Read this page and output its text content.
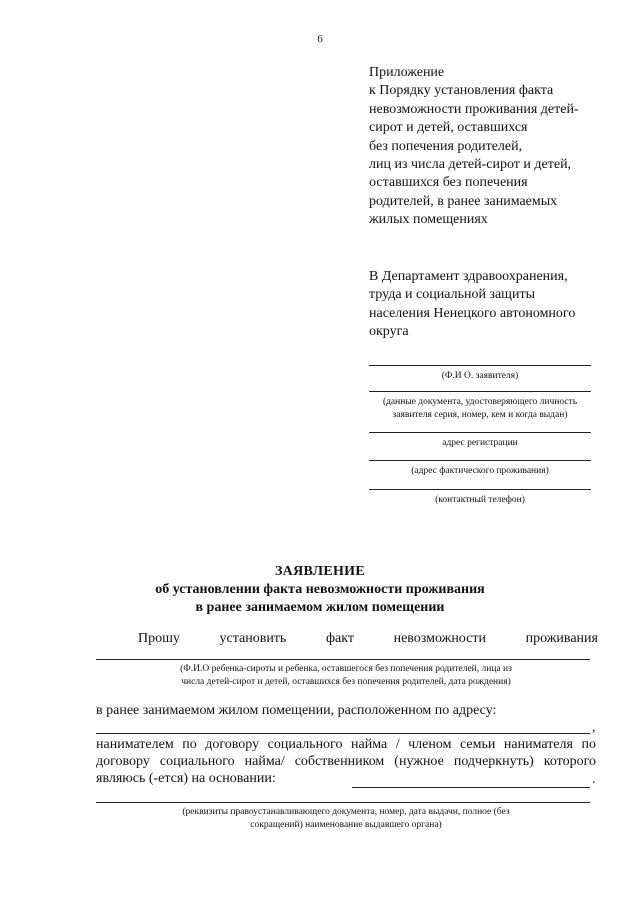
6
Приложение
к Порядку установления факта
невозможности проживания детей-
сирот и детей, оставшихся
без попечения родителей,
лиц из числа детей-сирот и детей,
оставшихся без попечения
родителей, в ранее занимаемых
жилых помещениях
В Департамент здравоохранения,
труда и социальной защиты
населения Ненецкого автономного
округа
(Ф.И О. заявителя)
(данные документа, удостоверяющего личность заявителя серия, номер, кем и когда выдан)
адрес регистрации
(адрес фактического проживания)
(контактный телефон)
ЗАЯВЛЕНИЕ
об установлении факта невозможности проживания
в ранее занимаемом жилом помещении
Прошу	установить	факт	невозможности	проживания
(Ф.И.О ребенка-сироты и ребенка, оставшегося без попечения родителей, лица из числа детей-сирот и детей, оставшихся без попечения родителей, дата рождения)
в ранее занимаемом жилом помещении, расположенном по адресу:
,
нанимателем по договору социального найма / членом семьи нанимателя по договору социального найма/ собственником (нужное подчеркнуть) которого являюсь (-ется) на основании:	.
(реквизиты правоустанавливающего документа, номер, дата выдачи, полное (без сокращений) наименование выдавшего органа)
